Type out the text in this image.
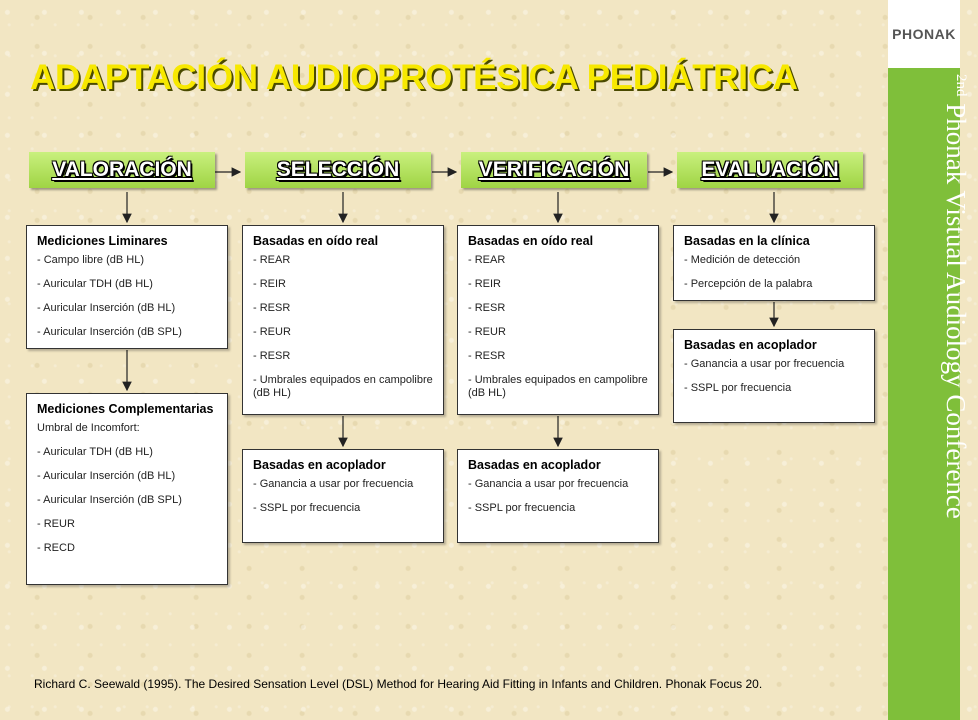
PHONAK
$^{2nd}$ Phonak Vistual Audiology Conference
ADAPTACIÓN AUDIOPROTÉSICA PEDIÁTRICA
VALORACIÓN	SELECCIÓN	VERIFICACIÓN	EVALUACIÓN
Mediciones Liminares
- Campo libre (dB HL)
- Auricular TDH (dB HL)
- Auricular Inserción (dB HL)
- Auricular Inserción (dB SPL)
Mediciones Complementarias
Umbral de Incomfort:
- Auricular TDH (dB HL)
- Auricular Inserción (dB HL)
- Auricular Inserción (dB SPL)
- REUR
- RECD
Basadas en oído real
- REAR
- REIR
- RESR
- REUR
- RESR
- Umbrales equipados en campolibre (dB HL)
Basadas en acoplador
- Ganancia a usar por frecuencia
- SSPL por frecuencia
Basadas en oído real
- REAR
- REIR
- RESR
- REUR
- RESR
- Umbrales equipados en campolibre (dB HL)
Basadas en acoplador
- Ganancia a usar por frecuencia
- SSPL por frecuencia
Basadas en la clínica
- Medición de detección
- Percepción de la palabra
Basadas en acoplador
- Ganancia a usar por frecuencia
- SSPL por frecuencia
Richard C. Seewald (1995). The Desired Sensation Level (DSL) Method for Hearing Aid Fitting in Infants and Children. Phonak Focus 20.
